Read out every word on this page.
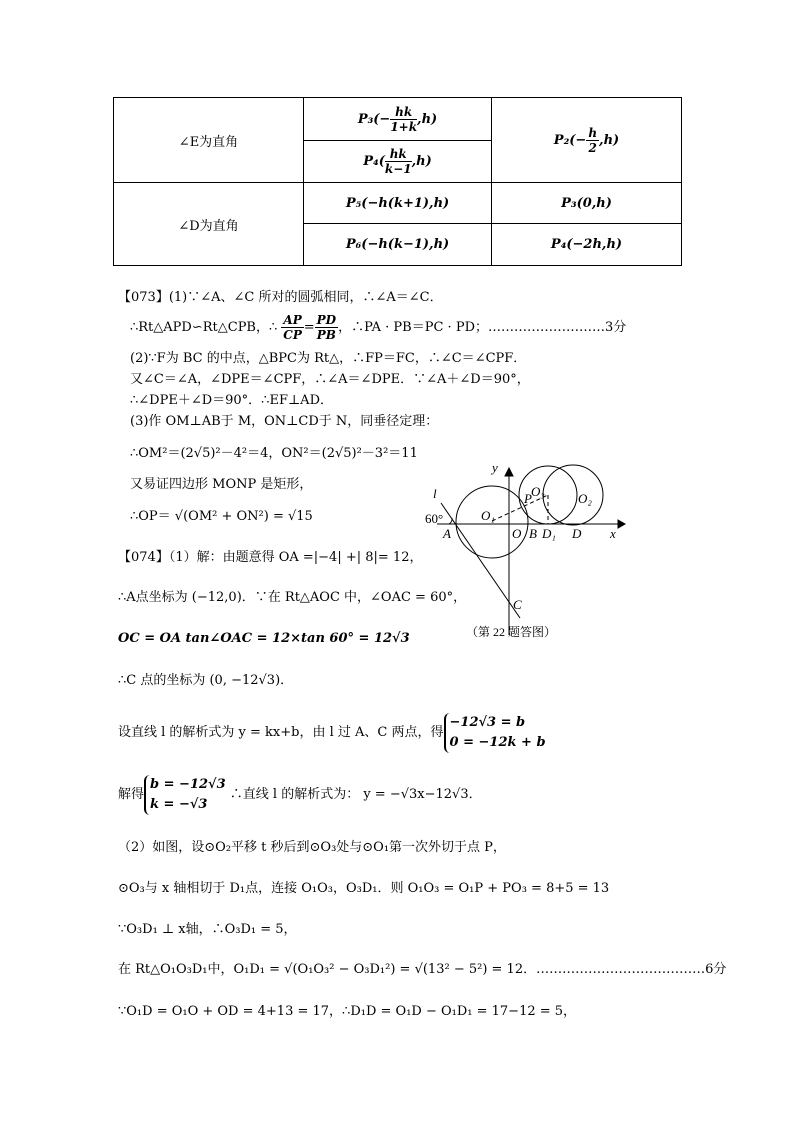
∠E为直角	$P_3(- \frac{hk}{1+k} ,h)$	$P_2(- \frac{h}{2} ,h)$
	$P_4( \frac{hk}{k-1} ,h)$	
∠D为直角	P₅(−h(k+1),h)	P₃(0,h)
	P₆(−h(k−1),h)	P₄(−2h,h)
【073】(1)∵∠A、∠C 所对的圆弧相同，∴∠A＝∠C．
∴Rt△APD∽Rt△CPB，∴ $\frac{AP}{CP} = \frac{PD}{PB}$ ，∴PA · PB＝PC · PD；………………………3分
(2)∵F为 BC 的中点，△BPC为 Rt△，∴FP＝FC，∴∠C＝∠CPF．
又∠C＝∠A，∠DPE＝∠CPF，∴∠A＝∠DPE．∵∠A＋∠D＝90°，
∴∠DPE＋∠D＝90°．∴EF⊥AD．
(3)作 OM⊥AB于 M，ON⊥CD于 N，同垂径定理：
∴OM²＝(2√5)²－4²＝4，ON²＝(2√5)²－3²＝11
又易证四边形 MONP 是矩形，
∴OP＝ √(OM² + ON²) = √15
y
l
60°
A
O₁
O B D₁ D x
P O₃	O₂
C
（第 22 题答图）
【074】（1）解：由题意得 OA =|−4| +| 8|= 12，
∴A点坐标为 (−12,0)．∵在 Rt△AOC 中，∠OAC = 60°，
OC = OA tan∠OAC = 12×tan 60° = 12√3
∴C 点的坐标为 (0, −12√3)．
设直线 l 的解析式为 y = kx+b，由 l 过 A、C 两点，得
−12√3 = b
0 = −12k + b
解得
b = −12√3
k = −√3
∴直线 l 的解析式为： y = −√3x−12√3．
（2）如图，设⊙O₂平移 t 秒后到⊙O₃处与⊙O₁第一次外切于点 P，
⊙O₃与 x 轴相切于 D₁点，连接 O₁O₃，O₃D₁．则 O₁O₃ = O₁P + PO₃ = 8+5 = 13
∵O₃D₁ ⊥ x轴，∴O₃D₁ = 5，
在 Rt△O₁O₃D₁中，O₁D₁ = √(O₁O₃² − O₃D₁²) = √(13² − 5²) = 12．…………………………………6分
∵O₁D = O₁O + OD = 4+13 = 17，∴D₁D = O₁D − O₁D₁ = 17−12 = 5，
